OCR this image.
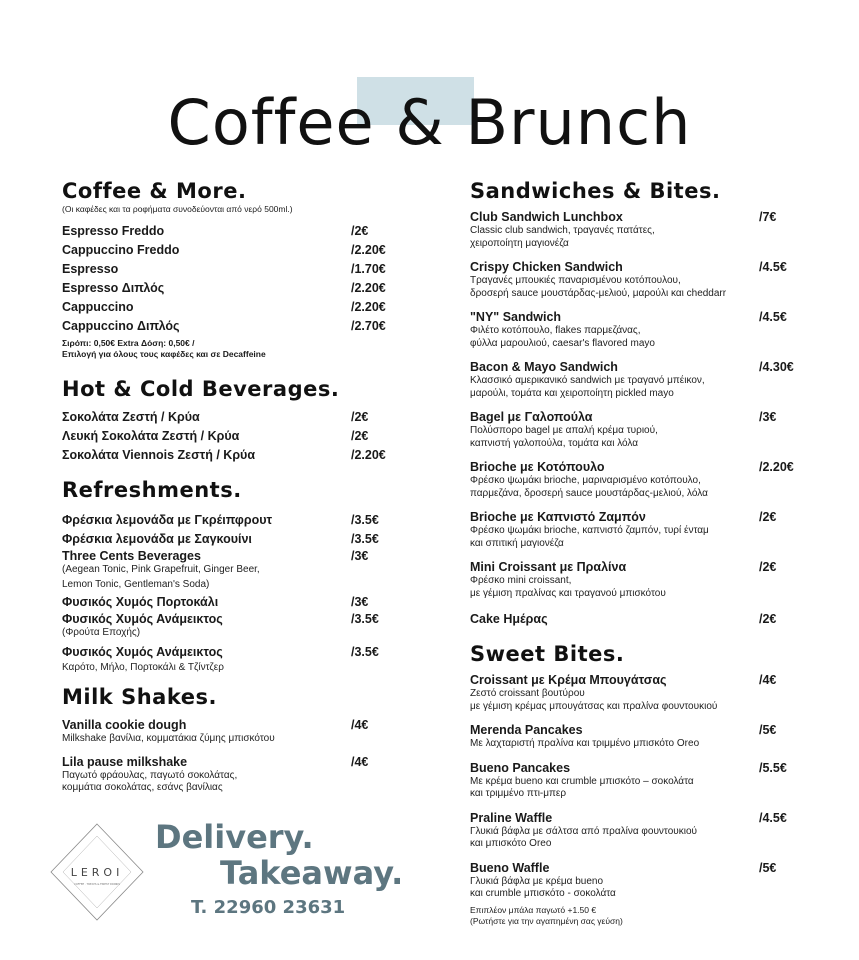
Coffee & Brunch
Coffee & More.

(Οι καφέδες και τα ροφήματα συνοδεύονται από νερό 500ml.)

Espresso Freddo	/2€
Cappuccino Freddo	/2.20€
Espresso	/1.70€
Espresso Διπλός	/2.20€
Cappuccino	/2.20€
Cappuccino Διπλός	/2.70€
Σιρόπι: 0,50€ Extra Δόση: 0,50€ /
Επιλογή για όλους τους καφέδες και σε Decaffeine
Hot & Cold Beverages.
Σοκολάτα Ζεστή / Κρύα	/2€
Λευκή Σοκολάτα Ζεστή / Κρύα	/2€
Σοκολάτα Viennois Ζεστή / Κρύα	/2.20€
Refreshments.
Φρέσκια λεμονάδα με Γκρέιπφρουτ	/3.5€
Φρέσκια λεμονάδα με Σαγκουίνι	/3.5€
Three Cents Beverages	/3€
(Aegean Tonic, Pink Grapefruit, Ginger Beer,
Lemon Tonic, Gentleman's Soda)
Φυσικός Χυμός Πορτοκάλι	/3€
Φυσικός Χυμός Ανάμεικτος	/3.5€
(Φρούτα Εποχής)
Φυσικός Χυμός Ανάμεικτος	/3.5€
Καρότο, Μήλο, Πορτοκάλι & Τζίντζερ
Milk Shakes.
Vanilla cookie dough	/4€
Milkshake βανίλια, κομματάκια ζύμης μπισκότου
Lila pause milkshake	/4€
Παγωτό φράουλας, παγωτό σοκολάτας,
κομμάτια σοκολάτας, εσάνς βανίλιας
Sandwiches & Bites.
Club Sandwich Lunchbox	/7€
Classic club sandwich, τραγανές πατάτες,
χειροποίητη μαγιονέζα
Crispy Chicken Sandwich	/4.5€
Τραγανές μπουκιές παναρισμένου κοτόπουλου,
δροσερή sauce μουστάρδας-μελιού, μαρούλι και cheddarr
"NY" Sandwich	/4.5€
Φιλέτο κοτόπουλο, flakes παρμεζάνας,
φύλλα μαρουλιού, caesar's flavored mayo
Bacon & Mayo Sandwich	/4.30€
Κλασσικό αμερικανικό sandwich με τραγανό μπέικον,
μαρούλι, τομάτα και χειροποίητη pickled mayo
Bagel με Γαλοπούλα	/3€
Πολύσπορο bagel με απαλή κρέμα τυριού,
καπνιστή γαλοπούλα, τομάτα και λόλα
Brioche με Κοτόπουλο	/2.20€
Φρέσκο ψωμάκι brioche, μαριναρισμένο κοτόπουλο,
παρμεζάνα, δροσερή sauce μουστάρδας-μελιού, λόλα
Brioche με Καπνιστό Ζαμπόν	/2€
Φρέσκο ψωμάκι brioche, καπνιστό ζαμπόν, τυρί ένταμ
και σπιτική μαγιονέζα
Mini Croissant με Πραλίνα	/2€
Φρέσκο mini croissant,
με γέμιση πραλίνας και τραγανού μπισκότου
Cake Ημέρας	/2€
Sweet Bites.
Croissant με Κρέμα Μπουγάτσας	/4€
Ζεστό croissant βουτύρου
με γέμιση κρέμας μπουγάτσας και πραλίνα φουντουκιού
Merenda Pancakes	/5€
Με λαχταριστή πραλίνα και τριμμένο μπισκότο Oreo
Bueno Pancakes	/5.5€
Με κρέμα bueno και crumble μπισκότο – σοκολάτα
και τριμμένο πτι-μπερ
Praline Waffle	/4.5€
Γλυκιά βάφλα με σάλτσα από πραλίνα φουντουκιού
και μπισκότο Oreo
Bueno Waffle	/5€
Γλυκιά βάφλα με κρέμα bueno
και crumble μπισκότο - σοκολάτα
Επιπλέον μπάλα παγωτό +1.50 €
(Ρωτήστε για την αγαπημένη σας γεύση)
LEROI
COFFEE · TREATS & FINEST DRINKS
Delivery.
Takeaway.
T. 22960 23631
